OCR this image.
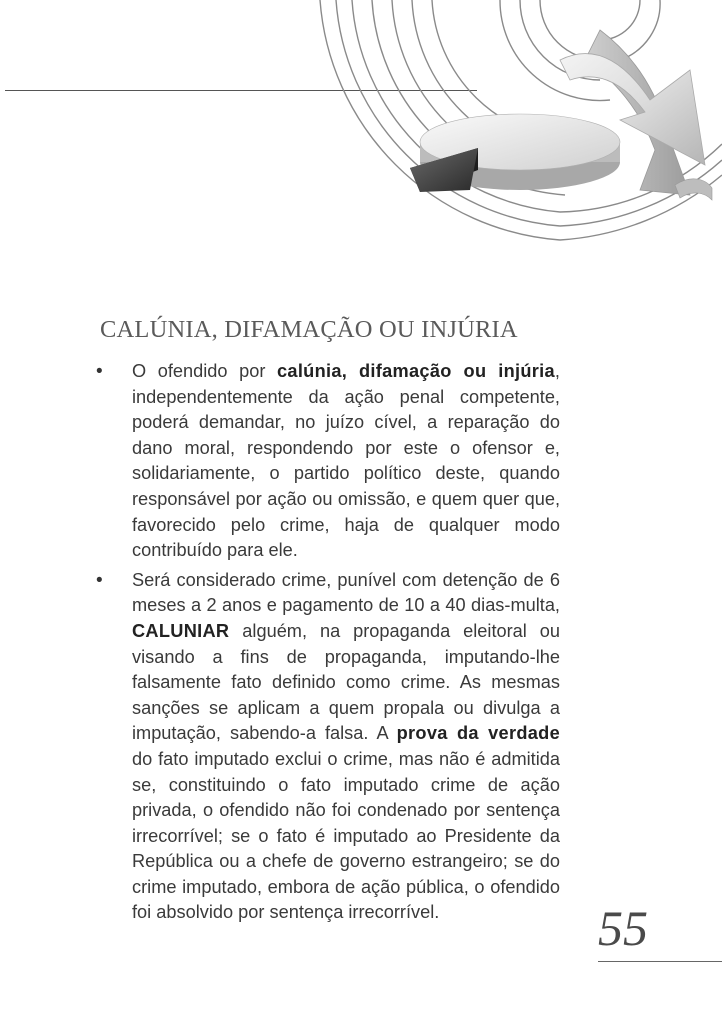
CALÚNIA, DIFAMAÇÃO OU INJÚRIA
• O ofendido por calúnia, difamação ou injúria, independentemente da ação penal competente, poderá demandar, no juízo cível, a reparação do dano moral, respondendo por este o ofensor e, solidariamente, o partido político deste, quando responsável por ação ou omissão, e quem quer que, favorecido pelo crime, haja de qualquer modo contribuído para ele.

• Será considerado crime, punível com detenção de 6 meses a 2 anos e pagamento de 10 a 40 dias-multa, CALUNIAR alguém, na propaganda eleitoral ou visando a fins de propaganda, imputando-lhe falsamente fato definido como crime. As mesmas sanções se aplicam a quem propala ou divulga a imputação, sabendo-a falsa. A prova da verdade do fato imputado exclui o crime, mas não é admitida se, constituindo o fato imputado crime de ação privada, o ofendido não foi condenado por sentença irrecorrível; se o fato é imputado ao Presidente da República ou a chefe de governo estrangeiro; se do crime imputado, embora de ação pública, o ofendido foi absolvido por sentença irrecorrível.	55
